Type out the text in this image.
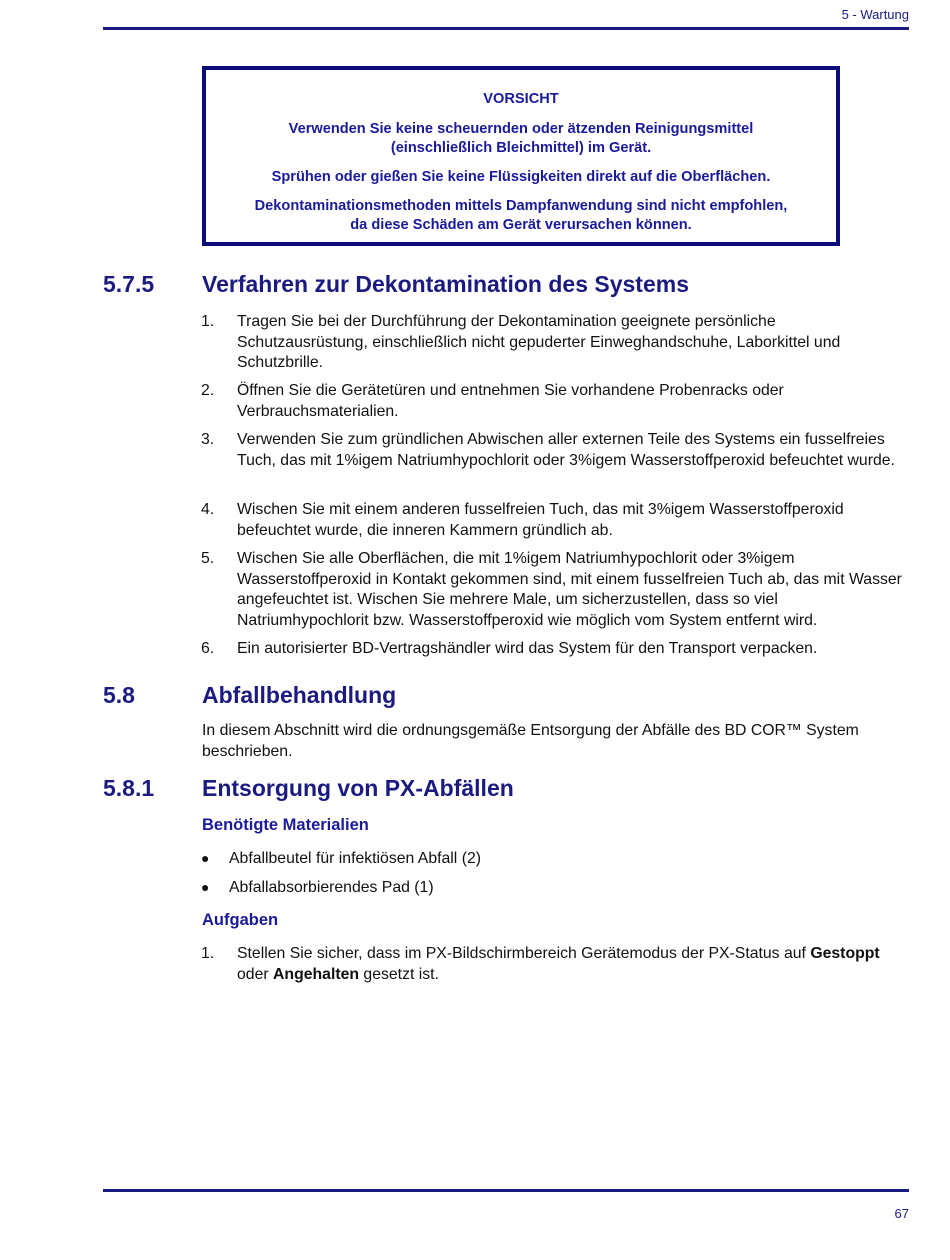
5 - Wartung
VORSICHT
Verwenden Sie keine scheuernden oder ätzenden Reinigungsmittel
(einschließlich Bleichmittel) im Gerät.
Sprühen oder gießen Sie keine Flüssigkeiten direkt auf die Oberflächen.
Dekontaminationsmethoden mittels Dampfanwendung sind nicht empfohlen,
da diese Schäden am Gerät verursachen können.
5.7.5 Verfahren zur Dekontamination des Systems
1. Tragen Sie bei der Durchführung der Dekontamination geeignete persönliche Schutzausrüstung, einschließlich nicht gepuderter Einweghandschuhe, Laborkittel und Schutzbrille.
2. Öffnen Sie die Gerätetüren und entnehmen Sie vorhandene Probenracks oder Verbrauchsmaterialien.
3. Verwenden Sie zum gründlichen Abwischen aller externen Teile des Systems ein fusselfreies Tuch, das mit 1%igem Natriumhypochlorit oder 3%igem Wasserstoffperoxid befeuchtet wurde.
4. Wischen Sie mit einem anderen fusselfreien Tuch, das mit 3%igem Wasserstoffperoxid befeuchtet wurde, die inneren Kammern gründlich ab.
5. Wischen Sie alle Oberflächen, die mit 1%igem Natriumhypochlorit oder 3%igem Wasserstoffperoxid in Kontakt gekommen sind, mit einem fusselfreien Tuch ab, das mit Wasser angefeuchtet ist. Wischen Sie mehrere Male, um sicherzustellen, dass so viel Natriumhypochlorit bzw. Wasserstoffperoxid wie möglich vom System entfernt wird.
6. Ein autorisierter BD-Vertragshändler wird das System für den Transport verpacken.
5.8	Abfallbehandlung
In diesem Abschnitt wird die ordnungsgemäße Entsorgung der Abfälle des BD COR™ System beschrieben.
5.8.1 Entsorgung von PX-Abfällen
Benötigte Materialien
● Abfallbeutel für infektiösen Abfall (2)
● Abfallabsorbierendes Pad (1)
Aufgaben
1. Stellen Sie sicher, dass im PX-Bildschirmbereich Gerätemodus der PX-Status auf Gestoppt oder Angehalten gesetzt ist.
67
